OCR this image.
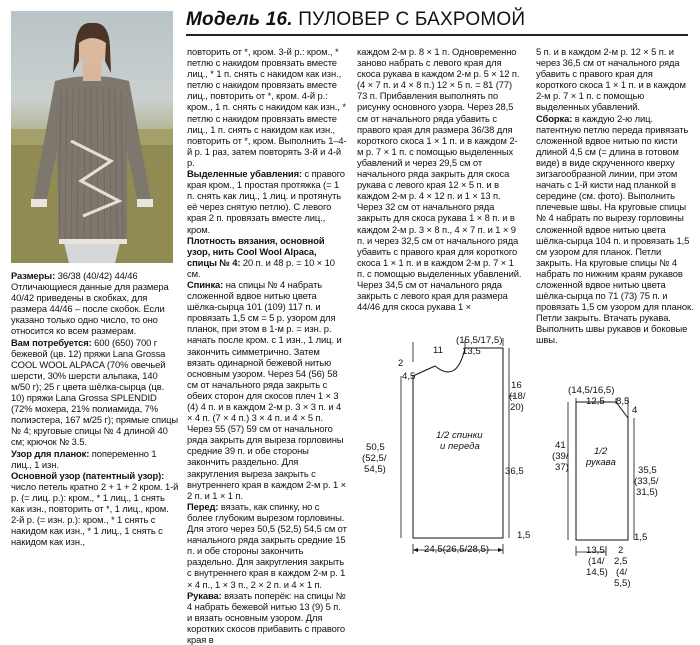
Модель 16. ПУЛОВЕР С БАХРОМОЙ

Размеры: 36/38 (40/42) 44/46

Отличающиеся данные для размера 40/42 приведены в скобках, для размера 44/46 – после скобок. Если указано только одно число, то оно относится ко всем размерам.

Вам потребуется: 600 (650) 700 г бежевой (цв. 12) пряжи Lana Grossa COOL WOOL ALPACA (70% овечьей шерсти, 30% шерсти альпака, 140 м/50 г); 25 г цвета шёлка-сырца (цв. 10) пряжи Lana Grossa SPLENDID (72% мохера, 21% полиамида, 7% полиэстера, 167 м/25 г); прямые спицы № 4; круговые спицы № 4 длиной 40 см; крючок № 3.5.

Узор для планок: попеременно 1 лиц., 1 изн.

Основной узор (патентный узор): число петель кратно 2 + 1 + 2 кром. 1-й р. (= лиц. р.): кром., * 1 лиц., 1 снять как изн., повторить от *, 1 лиц., кром. 2-й р. (= изн. р.): кром., * 1 снять с накидом как изн., * 1 лиц., 1 снять с накидом как изн.,

повторить от *, кром. 3-й р.: кром., * петлю с накидом провязать вместе лиц., * 1 п. снять с накидом как изн., петлю с накидом провязать вместе лиц., повторить от *, кром. 4-й р.: кром., 1 п. снять с накидом как изн., * петлю с накидом провязать вместе лиц., 1 п. снять с накидом как изн., повторить от *, кром. Выполнить 1–4-й р. 1 раз, затем повторять 3-й и 4-й р.

Выделенные убавления: с правого края кром., 1 простая протяжка (= 1 п. снять как лиц., 1 лиц. и протянуть её через снятую петлю). С левого края 2 п. провязать вместе лиц., кром.

Плотность вязания, основной узор, нить Cool Wool Alpaca, спицы № 4: 20 п. и 48 р. = 10 × 10 см.

Спинка: на спицы № 4 набрать сложенной вдвое нитью цвета шёлка-сырца 101 (109) 117 п. и провязать 1,5 см = 5 р. узором для планок, при этом в 1-м р. = изн. р. начать после кром. с 1 изн., 1 лиц. и закончить симметрично. Затем вязать одинарной бежевой нитью основным узором. Через 54 (56) 58 см от начального ряда закрыть с обеих сторон для скосов плеч 1 × 3 (4) 4 п. и в каждом 2-м р. 3 × 3 п. и 4 × 4 п. (7 × 4 п.) 3 × 4 п. и 4 × 5 п. Через 55 (57) 59 см от начального ряда закрыть для выреза горловины средние 39 п. и обе стороны закончить раздельно. Для закругления выреза закрыть с внутреннего края в каждом 2-м р. 1 × 2 п. и 1 × 1 п.

Перед: вязать, как спинку, но с более глубоким вырезом горловины. Для этого через 50,5 (52,5) 54,5 см от начального ряда закрыть средние 15 п. и обе стороны закончить раздельно. Для закругления закрыть с внутреннего края в каждом 2-м р. 1 × 4 п., 1 × 3 п., 2 × 2 п. и 4 × 1 п.

Рукава: вязать поперёк: на спицы № 4 набрать бежевой нитью 13 (9) 5 п. и вязать основным узором. Для коротких скосов прибавить с правого края в

каждом 2-м р. 8 × 1 п. Одновременно заново набрать с левого края для скоса рукава в каждом 2-м р. 5 × 12 п. (4 × 7 п. и 4 × 8 п.) 12 × 5 п. = 81 (77) 73 п. Прибавления выполнять по рисунку основного узора. Через 28,5 см от начального ряда убавить с правого края для размера 36/38 для короткого скоса 1 × 1 п. и в каждом 2-м р. 7 × 1 п. с помощью выделенных убавлений и через 29,5 см от начального ряда закрыть для скоса рукава с левого края 12 × 5 п. и в каждом 2-м р. 4 × 12 п. и 1 × 13 п. Через 32 см от начального ряда закрыть для скоса рукава 1 × 8 п. и в каждом 2-м р. 3 × 8 п., 4 × 7 п. и 1 × 9 п. и через 32,5 см от начального ряда убавить с правого края для короткого скоса 1 × 1 п. и в каждом 2-м р. 7 × 1 п. с помощью выделенных убавлений. Через 34,5 см от начального ряда закрыть с левого края для размера 44/46 для скоса рукава 1 ×

5 п. и в каждом 2-м р. 12 × 5 п. и через 36,5 см от начального ряда убавить с правого края для короткого скоса 1 × 1 п. и в каждом 2-м р. 7 × 1 п. с помощью выделенных убавлений.

Сборка: в каждую 2-ю лиц. патентную петлю переда привязать сложенной вдвое нитью по кисти длиной 4,5 см (= длина в готовом виде) в виде скрученного кверху зигзагообразной линии, при этом начать с 1-й кисти над планкой в середине (см. фото). Выполнить плечевые швы. На круговые спицы № 4 набрать по вырезу горловины сложенной вдвое нитью цвета шёлка-сырца 104 п. и провязать 1,5 см узором для планок. Петли закрыть. На круговые спицы № 4 набрать по нижним краям рукавов сложенной вдвое нитью цвета шёлка-сырца по 71 (73) 75 п. и провязать 1,5 см узором для планок. Петли закрыть. Втачать рукава. Выполнить швы рукавов и боковые швы.

11
(15,5/17,5)
13,5
2
4,5
16
(18/
20)
1/2 спинки
и переда
50,5
(52,5/
54,5)	36,5
1,5
24,5(26,5/28,5)
(14,5/16,5)
12,5 8,5
4
1/2
рукава
41
(39/
37)	35,5
(33,5/
31,5)
1,5
13,5
(14/
14,5)
2
2,5
(4/
5,5)
